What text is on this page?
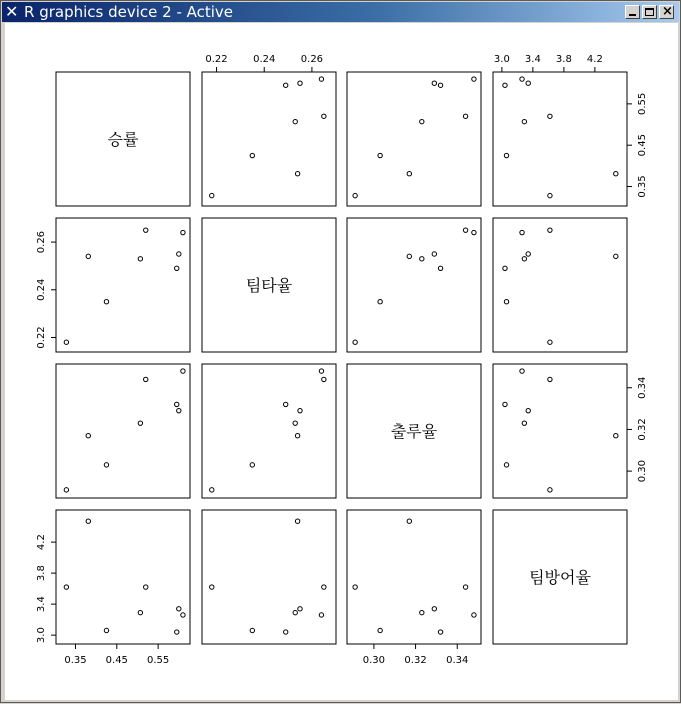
✕ R graphics device 2 - Active	×
승률
팀타율
출루율
팀방어율
0.35 0.45 0.55
0.22	0.24	0.26
0.30 0.32 0.34
3.0 3.4 3.8 4.2
0.35
0.45
0.55
0.22
0.24
0.26
0.30
0.32
0.34
3.0
3.4
3.8
4.2
